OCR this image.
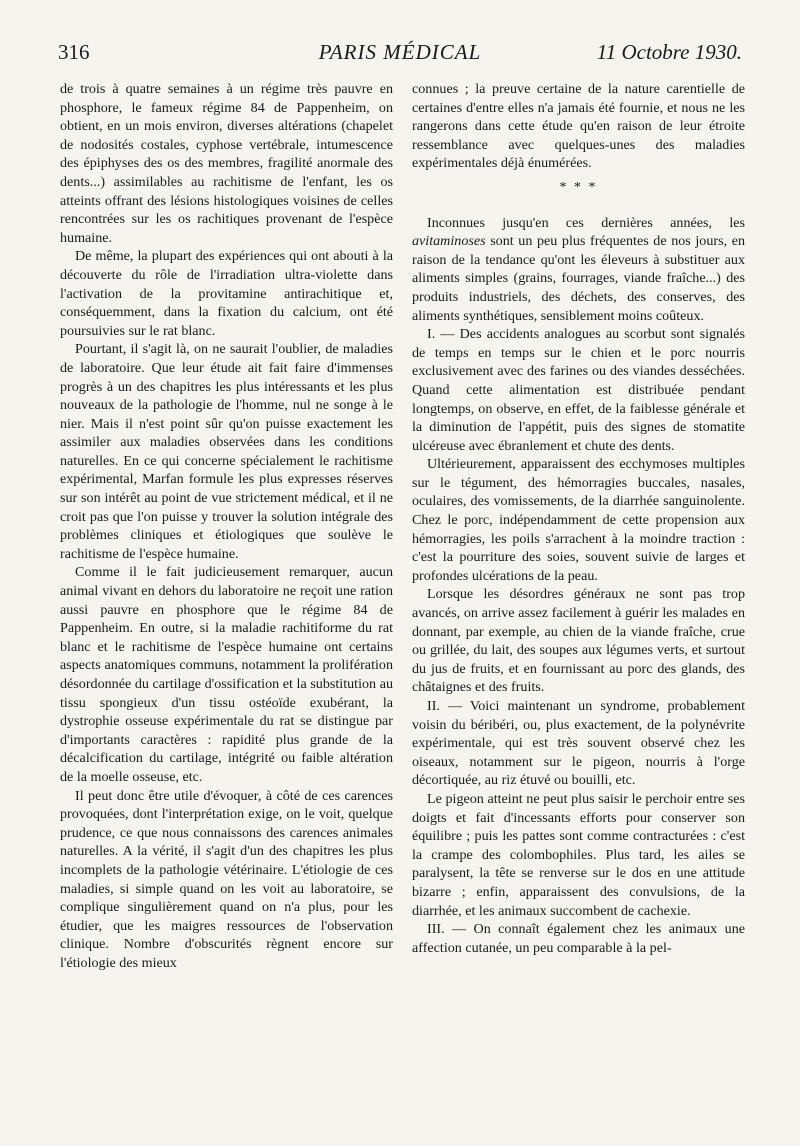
316	PARIS MÉDICAL	11 Octobre 1930.

de trois à quatre semaines à un régime très pauvre en phosphore, le fameux régime 84 de Pappenheim, on obtient, en un mois environ, diverses altérations (chapelet de nodosités costales, cyphose vertébrale, intumescence des épiphyses des os des membres, fragilité anormale des dents...) assimilables au rachitisme de l'enfant, les os atteints offrant des lésions histologiques voisines de celles rencontrées sur les os rachitiques provenant de l'espèce humaine.

De même, la plupart des expériences qui ont abouti à la découverte du rôle de l'irradiation ultra-violette dans l'activation de la provitamine antirachitique et, conséquemment, dans la fixation du calcium, ont été poursuivies sur le rat blanc.

Pourtant, il s'agit là, on ne saurait l'oublier, de maladies de laboratoire. Que leur étude ait fait faire d'immenses progrès à un des chapitres les plus intéressants et les plus nouveaux de la pathologie de l'homme, nul ne songe à le nier. Mais il n'est point sûr qu'on puisse exactement les assimiler aux maladies observées dans les conditions naturelles. En ce qui concerne spécialement le rachitisme expérimental, Marfan formule les plus expresses réserves sur son intérêt au point de vue strictement médical, et il ne croit pas que l'on puisse y trouver la solution intégrale des problèmes cliniques et étiologiques que soulève le rachitisme de l'espèce humaine.

Comme il le fait judicieusement remarquer, aucun animal vivant en dehors du laboratoire ne reçoit une ration aussi pauvre en phosphore que le régime 84 de Pappenheim. En outre, si la maladie rachitiforme du rat blanc et le rachitisme de l'espèce humaine ont certains aspects anatomiques communs, notamment la prolifération désordonnée du cartilage d'ossification et la substitution au tissu spongieux d'un tissu ostéoïde exubérant, la dystrophie osseuse expérimentale du rat se distingue par d'importants caractères : rapidité plus grande de la décalcification du cartilage, intégrité ou faible altération de la moelle osseuse, etc.

Il peut donc être utile d'évoquer, à côté de ces carences provoquées, dont l'interprétation exige, on le voit, quelque prudence, ce que nous connaissons des carences animales naturelles. A la vérité, il s'agit d'un des chapitres les plus incomplets de la pathologie vétérinaire. L'étiologie de ces maladies, si simple quand on les voit au laboratoire, se complique singulièrement quand on n'a plus, pour les étudier, que les maigres ressources de l'observation clinique. Nombre d'obscurités règnent encore sur l'étiologie des mieux

connues ; la preuve certaine de la nature carentielle de certaines d'entre elles n'a jamais été fournie, et nous ne les rangerons dans cette étude qu'en raison de leur étroite ressemblance avec quelques-unes des maladies expérimentales déjà énumérées.

* * *

Inconnues jusqu'en ces dernières années, les avitaminoses sont un peu plus fréquentes de nos jours, en raison de la tendance qu'ont les éleveurs à substituer aux aliments simples (grains, fourrages, viande fraîche...) des produits industriels, des déchets, des conserves, des aliments synthétiques, sensiblement moins coûteux.

I. — Des accidents analogues au scorbut sont signalés de temps en temps sur le chien et le porc nourris exclusivement avec des farines ou des viandes desséchées. Quand cette alimentation est distribuée pendant longtemps, on observe, en effet, de la faiblesse générale et la diminution de l'appétit, puis des signes de stomatite ulcéreuse avec ébranlement et chute des dents.

Ultérieurement, apparaissent des ecchymoses multiples sur le tégument, des hémorragies buccales, nasales, oculaires, des vomissements, de la diarrhée sanguinolente. Chez le porc, indépendamment de cette propension aux hémorragies, les poils s'arrachent à la moindre traction : c'est la pourriture des soies, souvent suivie de larges et profondes ulcérations de la peau.

Lorsque les désordres généraux ne sont pas trop avancés, on arrive assez facilement à guérir les malades en donnant, par exemple, au chien de la viande fraîche, crue ou grillée, du lait, des soupes aux légumes verts, et surtout du jus de fruits, et en fournissant au porc des glands, des châtaignes et des fruits.

II. — Voici maintenant un syndrome, probablement voisin du béribéri, ou, plus exactement, de la polynévrite expérimentale, qui est très souvent observé chez les oiseaux, notamment sur le pigeon, nourris à l'orge décortiquée, au riz étuvé ou bouilli, etc.

Le pigeon atteint ne peut plus saisir le perchoir entre ses doigts et fait d'incessants efforts pour conserver son équilibre ; puis les pattes sont comme contracturées : c'est la crampe des colombophiles. Plus tard, les ailes se paralysent, la tête se renverse sur le dos en une attitude bizarre ; enfin, apparaissent des convulsions, de la diarrhée, et les animaux succombent de cachexie.

III. — On connaît également chez les animaux une affection cutanée, un peu comparable à la pel-
